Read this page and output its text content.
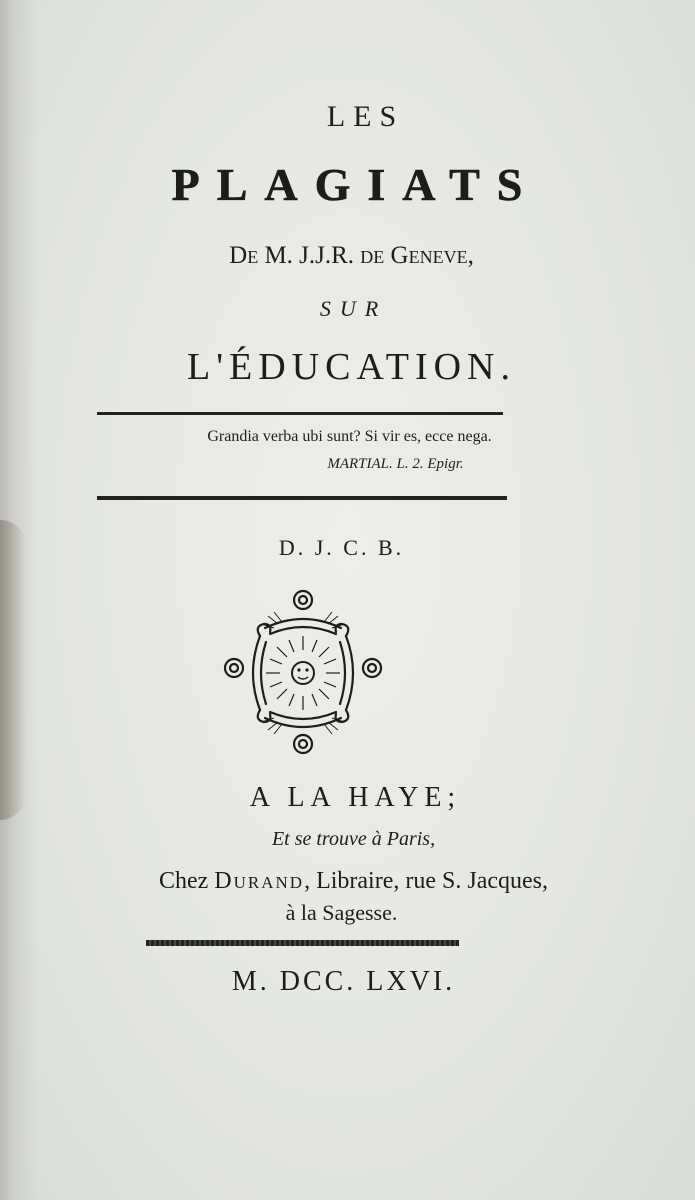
LES
PLAGIATS
De M. J.J.R. de Geneve,
SUR
L'ÉDUCATION.
Grandia verba ubi sunt? Si vir es, ecce nega.
MARTIAL. L. 2. Epigr.
D. J. C. B.
A LA HAYE;
Et se trouve à Paris,
Chez Durand, Libraire, rue S. Jacques,
à la Sagesse.
M. DCC. LXVI.
